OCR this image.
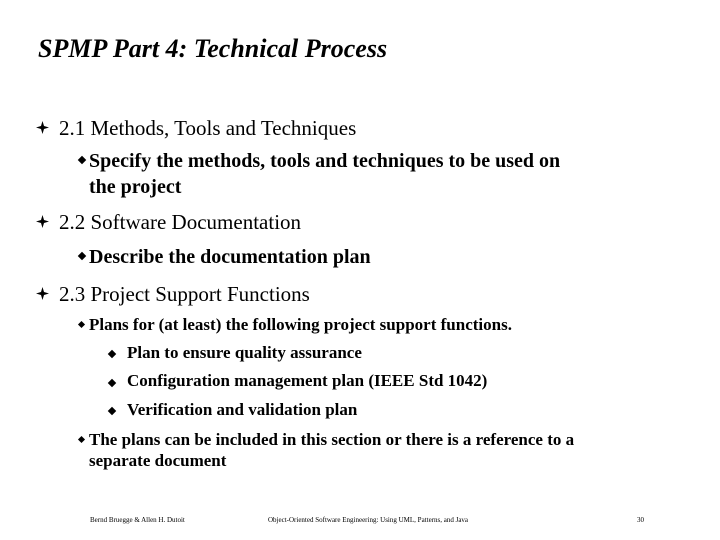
SPMP Part 4: Technical Process
2.1 Methods, Tools and Techniques
Specify the methods, tools and techniques to be used on
the project
2.2 Software Documentation
Describe the documentation plan
2.3 Project Support Functions
Plans for (at least) the following project support functions.
Plan to ensure quality assurance
Configuration management plan (IEEE Std 1042)
Verification and validation plan
The plans can be included in this section or there is a reference to a
separate document
Bernd Bruegge & Allen H. Dutoit	Object-Oriented Software Engineering: Using UML, Patterns, and Java	30
